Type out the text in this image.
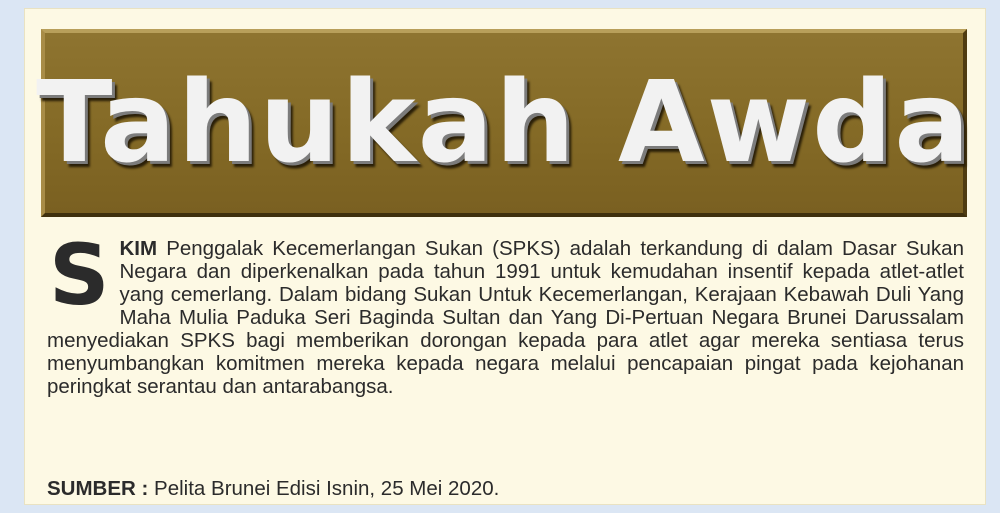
Tahukah Awda
S KIM Penggalak Kecemerlangan Sukan (SPKS) adalah terkandung di dalam Dasar Sukan Negara dan diperkenalkan pada tahun 1991 untuk kemudahan insentif kepada atlet-atlet yang cemerlang. Dalam bidang Sukan Untuk Kecemerlangan, Kerajaan Kebawah Duli Yang Maha Mulia Paduka Seri Baginda Sultan dan Yang Di-Pertuan Negara Brunei Darussalam menyediakan SPKS bagi memberikan dorongan kepada para atlet agar mereka sentiasa terus menyumbangkan komitmen mereka kepada negara melalui pencapaian pingat pada kejohanan peringkat serantau dan antarabangsa.
SUMBER : Pelita Brunei Edisi Isnin, 25 Mei 2020.
